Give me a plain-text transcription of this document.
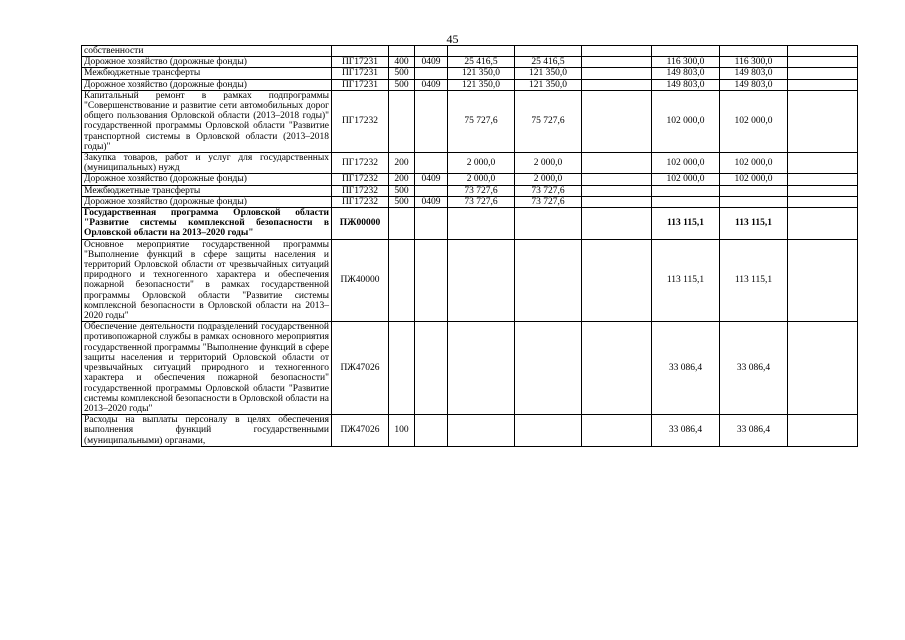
45
собственности									
Дорожное хозяйство (дорожные фонды)	ПГ17231	400	0409	25 416,5	25 416,5		116 300,0	116 300,0	
Межбюджетные трансферты	ПГ17231	500		121 350,0	121 350,0		149 803,0	149 803,0	
Дорожное хозяйство (дорожные фонды)	ПГ17231	500	0409	121 350,0	121 350,0		149 803,0	149 803,0	
Капитальный ремонт в рамках подпрограммы "Совершенствование и развитие сети автомобильных дорог общего пользования Орловской области (2013–2018 годы)" государственной программы Орловской области "Развитие транспортной системы в Орловской области (2013–2018 годы)"	ПГ17232			75 727,6	75 727,6		102 000,0	102 000,0	
Закупка товаров, работ и услуг для государственных (муниципальных) нужд	ПГ17232	200		2 000,0	2 000,0		102 000,0	102 000,0	
Дорожное хозяйство (дорожные фонды)	ПГ17232	200	0409	2 000,0	2 000,0		102 000,0	102 000,0	
Межбюджетные трансферты	ПГ17232	500		73 727,6	73 727,6				
Дорожное хозяйство (дорожные фонды)	ПГ17232	500	0409	73 727,6	73 727,6				
Государственная программа Орловской области "Развитие системы комплексной безопасности в Орловской области на 2013–2020 годы"	ПЖ00000						113 115,1	113 115,1	
Основное мероприятие государственной программы "Выполнение функций в сфере защиты населения и территорий Орловской области от чрезвычайных ситуаций природного и техногенного характера и обеспечения пожарной безопасности" в рамках государственной программы Орловской области "Развитие системы комплексной безопасности в Орловской области на 2013–2020 годы"	ПЖ40000						113 115,1	113 115,1	
Обеспечение деятельности подразделений государственной противопожарной службы в рамках основного мероприятия государственной программы "Выполнение функций в сфере защиты населения и территорий Орловской области от чрезвычайных ситуаций природного и техногенного характера и обеспечения пожарной безопасности" государственной программы Орловской области "Развитие системы комплексной безопасности в Орловской области на 2013–2020 годы"	ПЖ47026						33 086,4	33 086,4	
Расходы на выплаты персоналу в целях обеспечения выполнения функций государственными (муниципальными) органами,	ПЖ47026	100					33 086,4	33 086,4	
